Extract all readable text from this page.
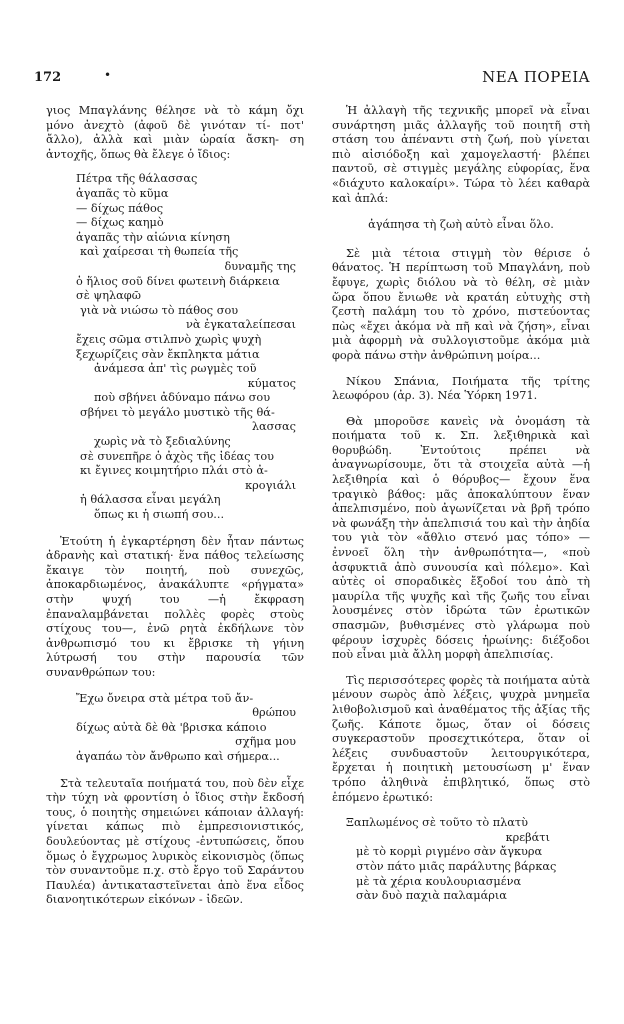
172	•	ΝΕΑ ΠΟΡΕΙΑ

γιος Μπαγλάνης θέλησε νὰ τὸ κάμη ὄχι μόνο ἀνεχτὸ (ἀφοῦ δὲ γινόταν τί- ποτ' ἄλλο), ἀλλὰ καὶ μιὰν ὡραία ἄσκη- ση ἀντοχῆς, ὅπως θὰ ἔλεγε ὁ ἴδιος:

Πέτρα τῆς θάλασσας
ἀγαπᾶς τὸ κῦμα
— δίχως πάθος
— δίχως καημὸ
ἀγαπᾶς τὴν αἰώνια κίνηση
καὶ χαίρεσαι τὴ θωπεία τῆς
δυναμῆς της
ὁ ἥλιος σοῦ δίνει φωτεινὴ διάρκεια
σὲ ψηλαφῶ
γιὰ νὰ νιώσω τὸ πάθος σου
νὰ ἐγκαταλείπεσαι
ἔχεις σῶμα στιλπνὸ χωρὶς ψυχὴ
ξεχωρίζεις σὰν ἔκπληκτα μάτια
ἀνάμεσα ἀπ' τὶς ρωγμὲς τοῦ
κύματος
ποὺ σβήνει ἀδύναμο πάνω σου
σβήνει τὸ μεγάλο μυστικὸ τῆς θά-
λασσας
χωρὶς νὰ τὸ ξεδιαλύνης
σὲ συνεπῆρε ὁ ἀχὸς τῆς ἰδέας του
κι ἔγινες κοιμητήριο πλάι στὸ ἀ-
κρογιάλι
ἡ θάλασσα εἶναι μεγάλη
ὅπως κι ἡ σιωπή σου...

Ἐτούτη ἡ ἐγκαρτέρηση δὲν ἦταν πάντως ἀδρανὴς καὶ στατική· ἕνα πάθος τελείωσης ἔκαιγε τὸν ποιητή, ποὺ συνεχῶς, ἀποκαρδιωμένος, ἀνακάλυπτε «ρήγματα» στὴν ψυχή του —ἡ ἔκφραση ἐπαναλαμβάνεται πολλὲς φορὲς στοὺς στίχους του—, ἐνῶ ρητὰ ἐκδήλωνε τὸν ἀνθρωπισμό του κι ἔβρισκε τὴ γήινη λύτρωσή του στὴν παρουσία τῶν συνανθρώπων του:

Ἔχω ὄνειρα στὰ μέτρα τοῦ ἄν-
θρώπου
δίχως αὐτὰ δὲ θὰ 'βρισκα κάποιο
σχῆμα μου
ἀγαπάω τὸν ἄνθρωπο καὶ σήμερα...

Στὰ τελευταῖα ποιήματά του, ποὺ δὲν εἶχε τὴν τύχη νὰ φροντίση ὁ ἴδιος στὴν ἔκδοσή τους, ὁ ποιητὴς σημειώνει κάποιαν ἀλλαγή: γίνεται κάπως πιὸ ἐμπρεσιονιστικός, δουλεύοντας μὲ στίχους -ἐντυπώσεις, ὅπου ὅμως ὁ ἔγχρωμος λυρικὸς εἰκονισμὸς (ὅπως τὸν συναντοῦμε π.χ. στὸ ἔργο τοῦ Σαράντου Παυλέα) ἀντικαταστεῖνεται ἀπὸ ἕνα εἶδος διανοητικότερων εἰκόνων - ἰδεῶν.

Ἡ ἀλλαγὴ τῆς τεχνικῆς μπορεῖ νὰ εἶναι συνάρτηση μιᾶς ἀλλαγῆς τοῦ ποιητῆ στὴ στάση του ἀπέναντι στὴ ζωή, ποὺ γίνεται πιὸ αἰσιόδοξη καὶ χαμογελαστή· βλέπει παντοῦ, σὲ στιγμὲς μεγάλης εὐφορίας, ἕνα «διάχυτο καλοκαίρι». Τώρα τὸ λέει καθαρὰ καὶ ἁπλά:

ἀγάπησα τὴ ζωὴ αὐτὸ εἶναι ὅλο.

Σὲ μιὰ τέτοια στιγμὴ τὸν θέρισε ὁ θάνατος. Ἡ περίπτωση τοῦ Μπαγλάνη, ποὺ ἔφυγε, χωρὶς διόλου νὰ τὸ θέλη, σὲ μιὰν ὥρα ὅπου ἔνιωθε νὰ κρατάη εὐτυχὴς στὴ ζεστὴ παλάμη του τὸ χρόνο, πιστεύοντας πὼς «ἔχει ἀκόμα νὰ πῆ καὶ νὰ ζήση», εἶναι μιὰ ἀφορμὴ νὰ συλλογιστοῦμε ἀκόμα μιὰ φορὰ πάνω στὴν ἀνθρώπινη μοίρα...

Νίκου Σπάνια, Ποιήματα τῆς τρίτης λεωφόρου (ἀρ. 3). Νέα Ὑόρκη 1971.

Θὰ μποροῦσε κανεὶς νὰ ὀνομάση τὰ ποιήματα τοῦ κ. Σπ. λεξιθηρικὰ καὶ θορυβώδη. Ἐντούτοις πρέπει νὰ ἀναγνωρίσουμε, ὅτι τὰ στοιχεῖα αὐτὰ —ἡ λεξιθηρία καὶ ὁ θόρυβος— ἔχουν ἕνα τραγικὸ βάθος: μᾶς ἀποκαλύπτουν ἕναν ἀπελπισμένο, ποὺ ἀγωνίζεται νὰ βρῆ τρόπο νὰ φωνάξη τὴν ἀπελπισιά του καὶ τὴν ἀηδία του γιὰ τὸν «ἄθλιο στενό μας τόπο» —ἐννοεῖ ὅλη τὴν ἀνθρωπότητα—, «ποὺ ἀσφυκτιᾶ ἀπὸ συνουσία καὶ πόλεμο». Καὶ αὐτὲς οἱ σποραδικὲς ἔξοδοί του ἀπὸ τὴ μαυρίλα τῆς ψυχῆς καὶ τῆς ζωῆς του εἶναι λουσμένες στὸν ἱδρώτα τῶν ἐρωτικῶν σπασμῶν, βυθισμένες στὸ γλάρωμα ποὺ φέρουν ἰσχυρὲς δόσεις ἡρωίνης: διέξοδοι ποὺ εἶναι μιὰ ἄλλη μορφὴ ἀπελπισίας.

Τὶς περισσότερες φορὲς τὰ ποιήματα αὐτὰ μένουν σωρὸς ἀπὸ λέξεις, ψυχρὰ μνημεῖα λιθοβολισμοῦ καὶ ἀναθέματος τῆς ἀξίας τῆς ζωῆς. Κάποτε ὅμως, ὅταν οἱ δόσεις συγκεραστοῦν προσεχτικότερα, ὅταν οἱ λέξεις συνδυαστοῦν λειτουργικότερα, ἔρχεται ἡ ποιητικὴ μετουσίωση μ' ἕναν τρόπο ἀληθινὰ ἐπιβλητικό, ὅπως στὸ ἑπόμενο ἐρωτικό:

Ξαπλωμένος σὲ τοῦτο τὸ πλατὺ
κρεβάτι
μὲ τὸ κορμὶ ριγμένο σὰν ἄγκυρα
στὸν πάτο μιᾶς παράλυτης βάρκας
μὲ τὰ χέρια κουλουριασμένα
σὰν δυὸ παχιὰ παλαμάρια
